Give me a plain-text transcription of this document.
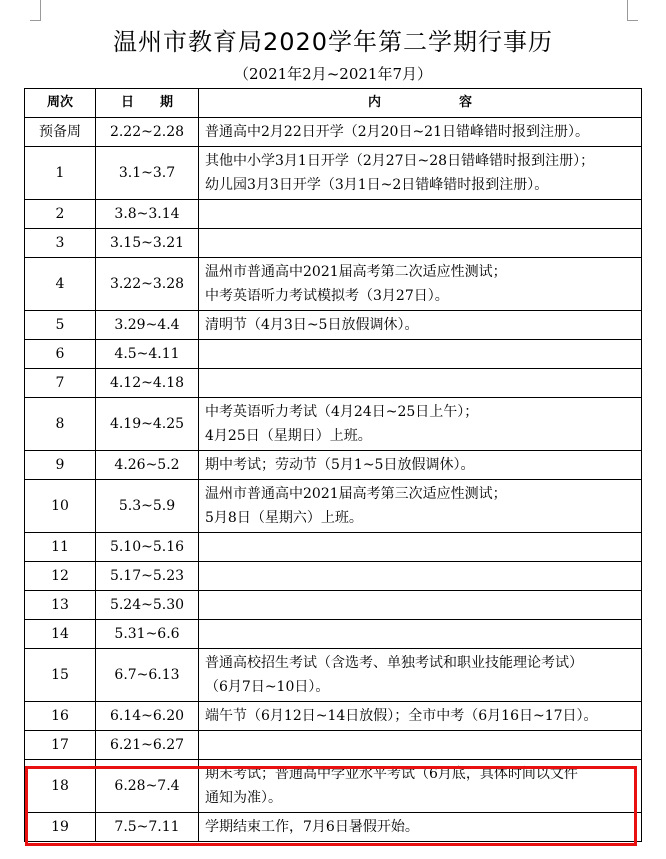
温州市教育局2020学年第二学期行事历
（2021年2月~2021年7月）
周次	日　　期	内　　　　　　容
预备周	2.22~2.28	普通高中2月22日开学（2月20日~21日错峰错时报到注册）。

1	3.1~3.7	其他中小学3月1日开学（2月27日~28日错峰错时报到注册）；
幼儿园3月3日开学（3月1日~2日错峰错时报到注册）。

2	3.8~3.14	
3	3.15~3.21	
4	3.22~3.28	温州市普通高中2021届高考第二次适应性测试；
中考英语听力考试模拟考（3月27日）。

5	3.29~4.4	清明节（4月3日~5日放假调休）。

6	4.5~4.11	
7	4.12~4.18	
8	4.19~4.25	中考英语听力考试（4月24日~25日上午）；
4月25日（星期日）上班。

9	4.26~5.2	期中考试；劳动节（5月1~5日放假调休）。

10	5.3~5.9	温州市普通高中2021届高考第三次适应性测试；
5月8日（星期六）上班。

11	5.10~5.16	
12	5.17~5.23	
13	5.24~5.30	
14	5.31~6.6	
15	6.7~6.13	普通高校招生考试（含选考、单独考试和职业技能理论考试）
（6月7日~10日）。

16	6.14~6.20	端午节（6月12日~14日放假）；全市中考（6月16日~17日）。

17	6.21~6.27	
18	6.28~7.4	期末考试；普通高中学业水平考试（6月底，具体时间以文件
通知为准）。

19	7.5~7.11	学期结束工作，7月6日暑假开始。
